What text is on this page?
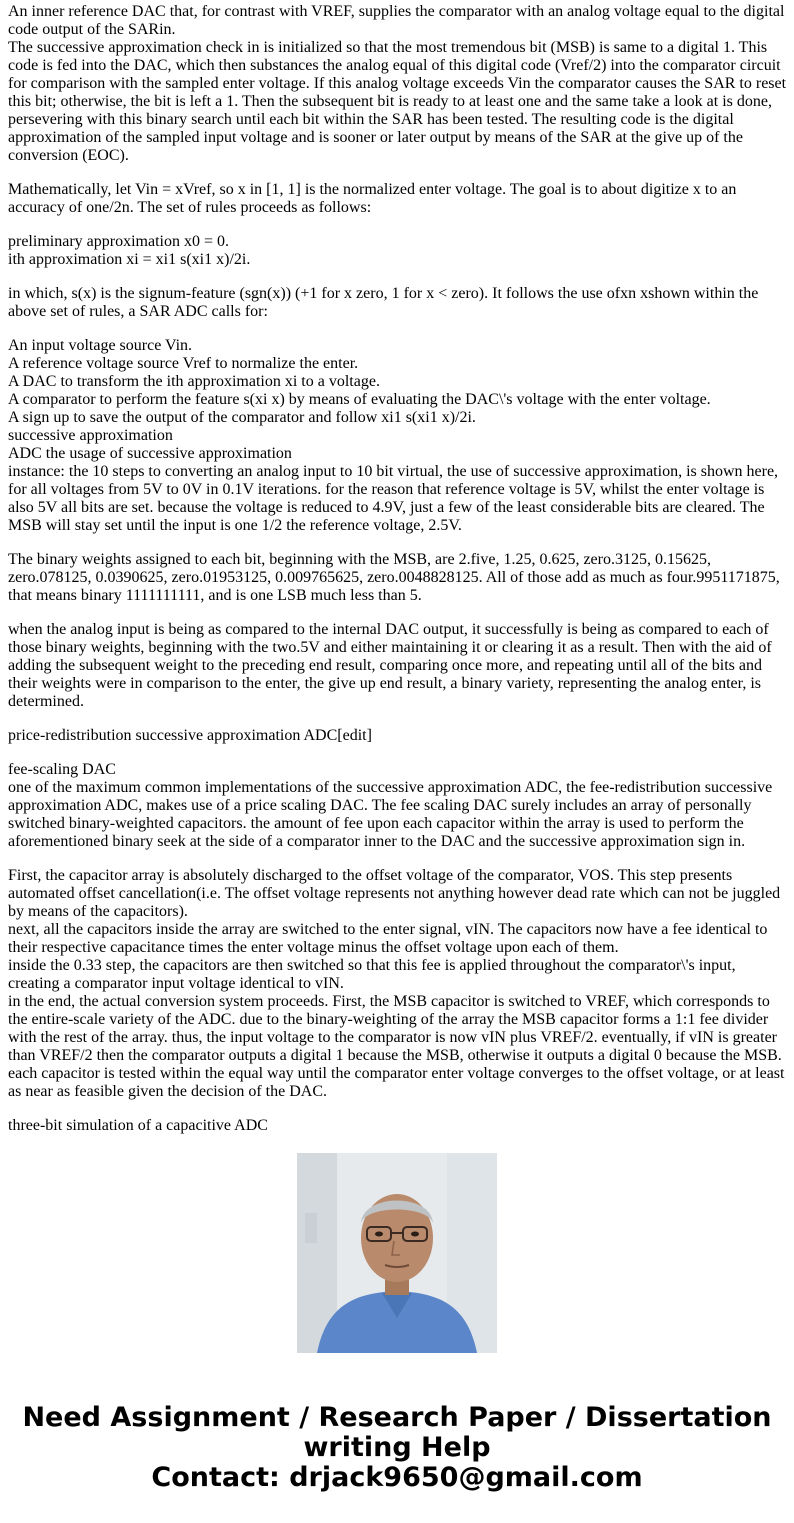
An inner reference DAC that, for contrast with VREF, supplies the comparator with an analog voltage equal to the digital code output of the SARin.
The successive approximation check in is initialized so that the most tremendous bit (MSB) is same to a digital 1. This code is fed into the DAC, which then substances the analog equal of this digital code (Vref/2) into the comparator circuit for comparison with the sampled enter voltage. If this analog voltage exceeds Vin the comparator causes the SAR to reset this bit; otherwise, the bit is left a 1. Then the subsequent bit is ready to at least one and the same take a look at is done, persevering with this binary search until each bit within the SAR has been tested. The resulting code is the digital approximation of the sampled input voltage and is sooner or later output by means of the SAR at the give up of the conversion (EOC).

Mathematically, let Vin = xVref, so x in [1, 1] is the normalized enter voltage. The goal is to about digitize x to an accuracy of one/2n. The set of rules proceeds as follows:

preliminary approximation x0 = 0.
ith approximation xi = xi1 s(xi1 x)/2i.

in which, s(x) is the signum-feature (sgn(x)) (+1 for x zero, 1 for x < zero). It follows the use ofxn xshown within the above set of rules, a SAR ADC calls for:

An input voltage source Vin.
A reference voltage source Vref to normalize the enter.
A DAC to transform the ith approximation xi to a voltage.
A comparator to perform the feature s(xi x) by means of evaluating the DAC\'s voltage with the enter voltage.
A sign up to save the output of the comparator and follow xi1 s(xi1 x)/2i.
successive approximation
ADC the usage of successive approximation
instance: the 10 steps to converting an analog input to 10 bit virtual, the use of successive approximation, is shown here, for all voltages from 5V to 0V in 0.1V iterations. for the reason that reference voltage is 5V, whilst the enter voltage is also 5V all bits are set. because the voltage is reduced to 4.9V, just a few of the least considerable bits are cleared. The MSB will stay set until the input is one 1/2 the reference voltage, 2.5V.

The binary weights assigned to each bit, beginning with the MSB, are 2.five, 1.25, 0.625, zero.3125, 0.15625, zero.078125, 0.0390625, zero.01953125, 0.009765625, zero.0048828125. All of those add as much as four.9951171875, that means binary 1111111111, and is one LSB much less than 5.

when the analog input is being as compared to the internal DAC output, it successfully is being as compared to each of those binary weights, beginning with the two.5V and either maintaining it or clearing it as a result. Then with the aid of adding the subsequent weight to the preceding end result, comparing once more, and repeating until all of the bits and their weights were in comparison to the enter, the give up end result, a binary variety, representing the analog enter, is determined.

price-redistribution successive approximation ADC[edit]

fee-scaling DAC
one of the maximum common implementations of the successive approximation ADC, the fee-redistribution successive approximation ADC, makes use of a price scaling DAC. The fee scaling DAC surely includes an array of personally switched binary-weighted capacitors. the amount of fee upon each capacitor within the array is used to perform the aforementioned binary seek at the side of a comparator inner to the DAC and the successive approximation sign in.

First, the capacitor array is absolutely discharged to the offset voltage of the comparator, VOS. This step presents automated offset cancellation(i.e. The offset voltage represents not anything however dead rate which can not be juggled by means of the capacitors).
next, all the capacitors inside the array are switched to the enter signal, vIN. The capacitors now have a fee identical to their respective capacitance times the enter voltage minus the offset voltage upon each of them.
inside the 0.33 step, the capacitors are then switched so that this fee is applied throughout the comparator\'s input, creating a comparator input voltage identical to vIN.
in the end, the actual conversion system proceeds. First, the MSB capacitor is switched to VREF, which corresponds to the entire-scale variety of the ADC. due to the binary-weighting of the array the MSB capacitor forms a 1:1 fee divider with the rest of the array. thus, the input voltage to the comparator is now vIN plus VREF/2. eventually, if vIN is greater than VREF/2 then the comparator outputs a digital 1 because the MSB, otherwise it outputs a digital 0 because the MSB. each capacitor is tested within the equal way until the comparator enter voltage converges to the offset voltage, or at least as near as feasible given the decision of the DAC.

three-bit simulation of a capacitive ADC

Need Assignment / Research Paper / Dissertation
writing Help
Contact: drjack9650@gmail.com
